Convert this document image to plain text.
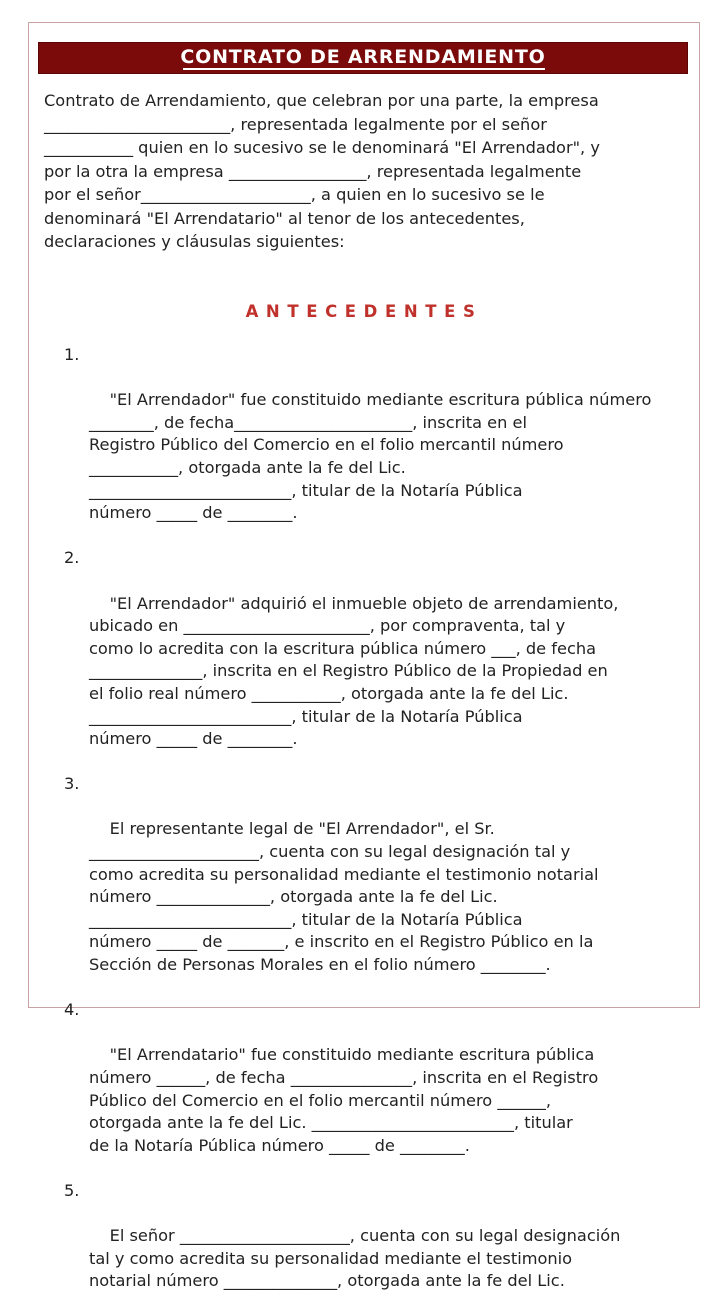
CONTRATO DE ARRENDAMIENTO

Contrato de Arrendamiento, que celebran por una parte, la empresa
_______________________, representada legalmente por el señor
___________ quien en lo sucesivo se le denominará "El Arrendador", y
por la otra la empresa _________________, representada legalmente
por el señor_____________________, a quien en lo sucesivo se le
denominará "El Arrendatario" al tenor de los antecedentes,
declaraciones y cláusulas siguientes:

ANTECEDENTES

1.

"El Arrendador" fue constituido mediante escritura pública número
________, de fecha______________________, inscrita en el
Registro Público del Comercio en el folio mercantil número
___________, otorgada ante la fe del Lic.
_________________________, titular de la Notaría Pública
número _____ de ________.

2.

"El Arrendador" adquirió el inmueble objeto de arrendamiento,
ubicado en _______________________, por compraventa, tal y
como lo acredita con la escritura pública número ___, de fecha
______________, inscrita en el Registro Público de la Propiedad en
el folio real número ___________, otorgada ante la fe del Lic.
_________________________, titular de la Notaría Pública
número _____ de ________.

3.

El representante legal de "El Arrendador", el Sr.
_____________________, cuenta con su legal designación tal y
como acredita su personalidad mediante el testimonio notarial
número ______________, otorgada ante la fe del Lic.
_________________________, titular de la Notaría Pública
número _____ de _______, e inscrito en el Registro Público en la
Sección de Personas Morales en el folio número ________.

4.

"El Arrendatario" fue constituido mediante escritura pública
número ______, de fecha _______________, inscrita en el Registro
Público del Comercio en el folio mercantil número ______,
otorgada ante la fe del Lic. _________________________, titular
de la Notaría Pública número _____ de ________.

5.

El señor _____________________, cuenta con su legal designación
tal y como acredita su personalidad mediante el testimonio
notarial número ______________, otorgada ante la fe del Lic.
